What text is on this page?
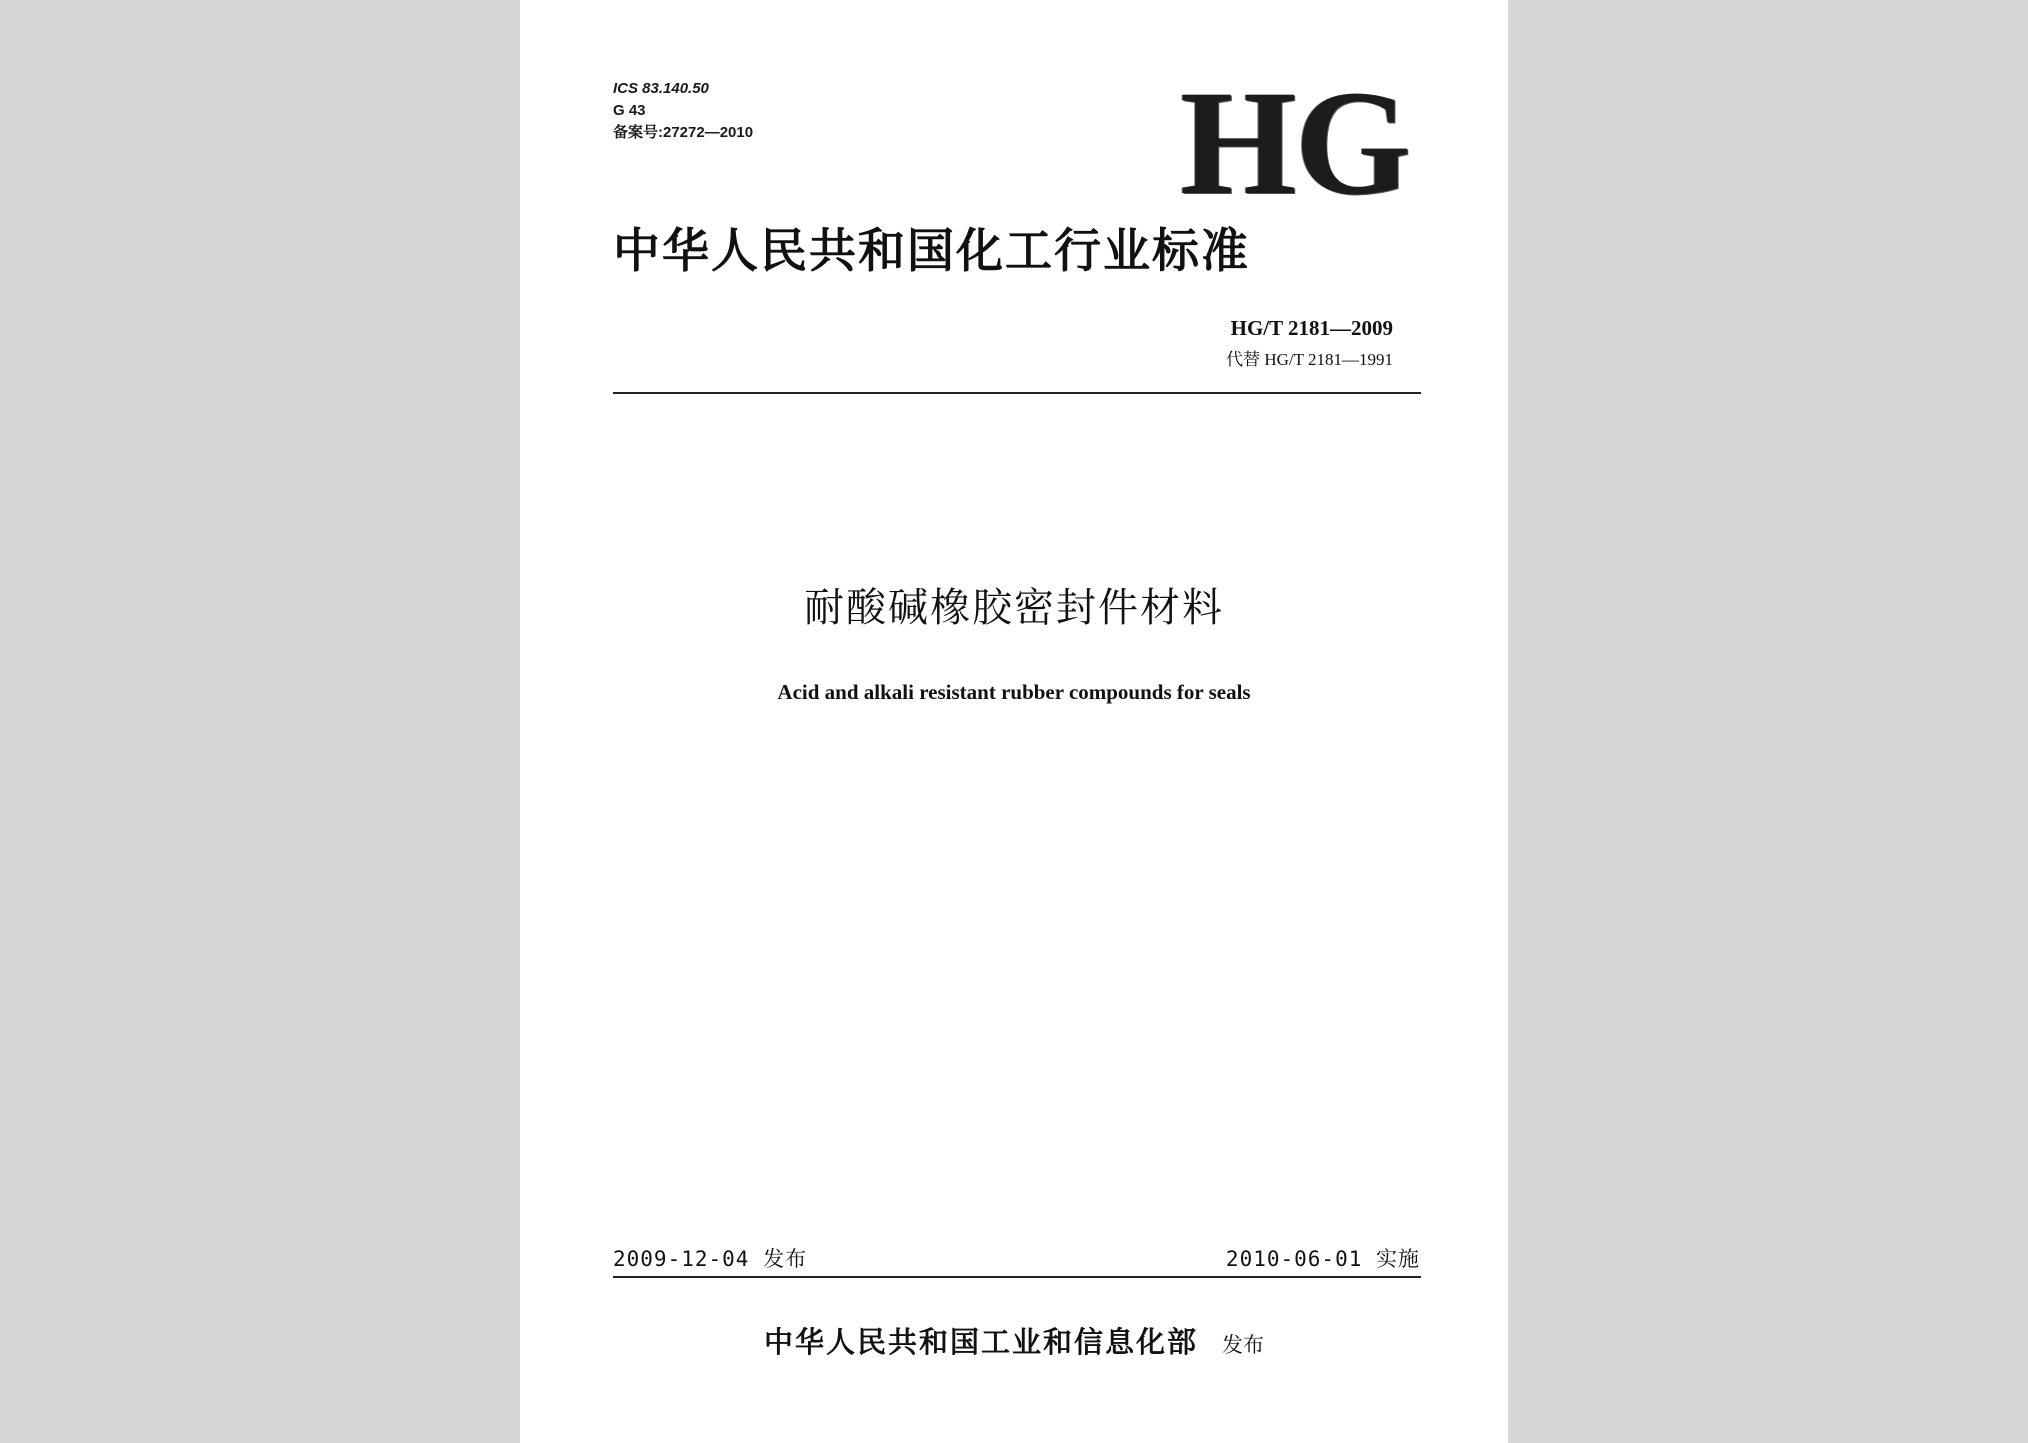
ICS 83.140.50
G 43
备案号:27272—2010	HG
中华人民共和国化工行业标准
HG/T 2181—2009
代替 HG/T 2181—1991
耐酸碱橡胶密封件材料
Acid and alkali resistant rubber compounds for seals
2009-12-04 发布	2010-06-01 实施
中华人民共和国工业和信息化部 发布
